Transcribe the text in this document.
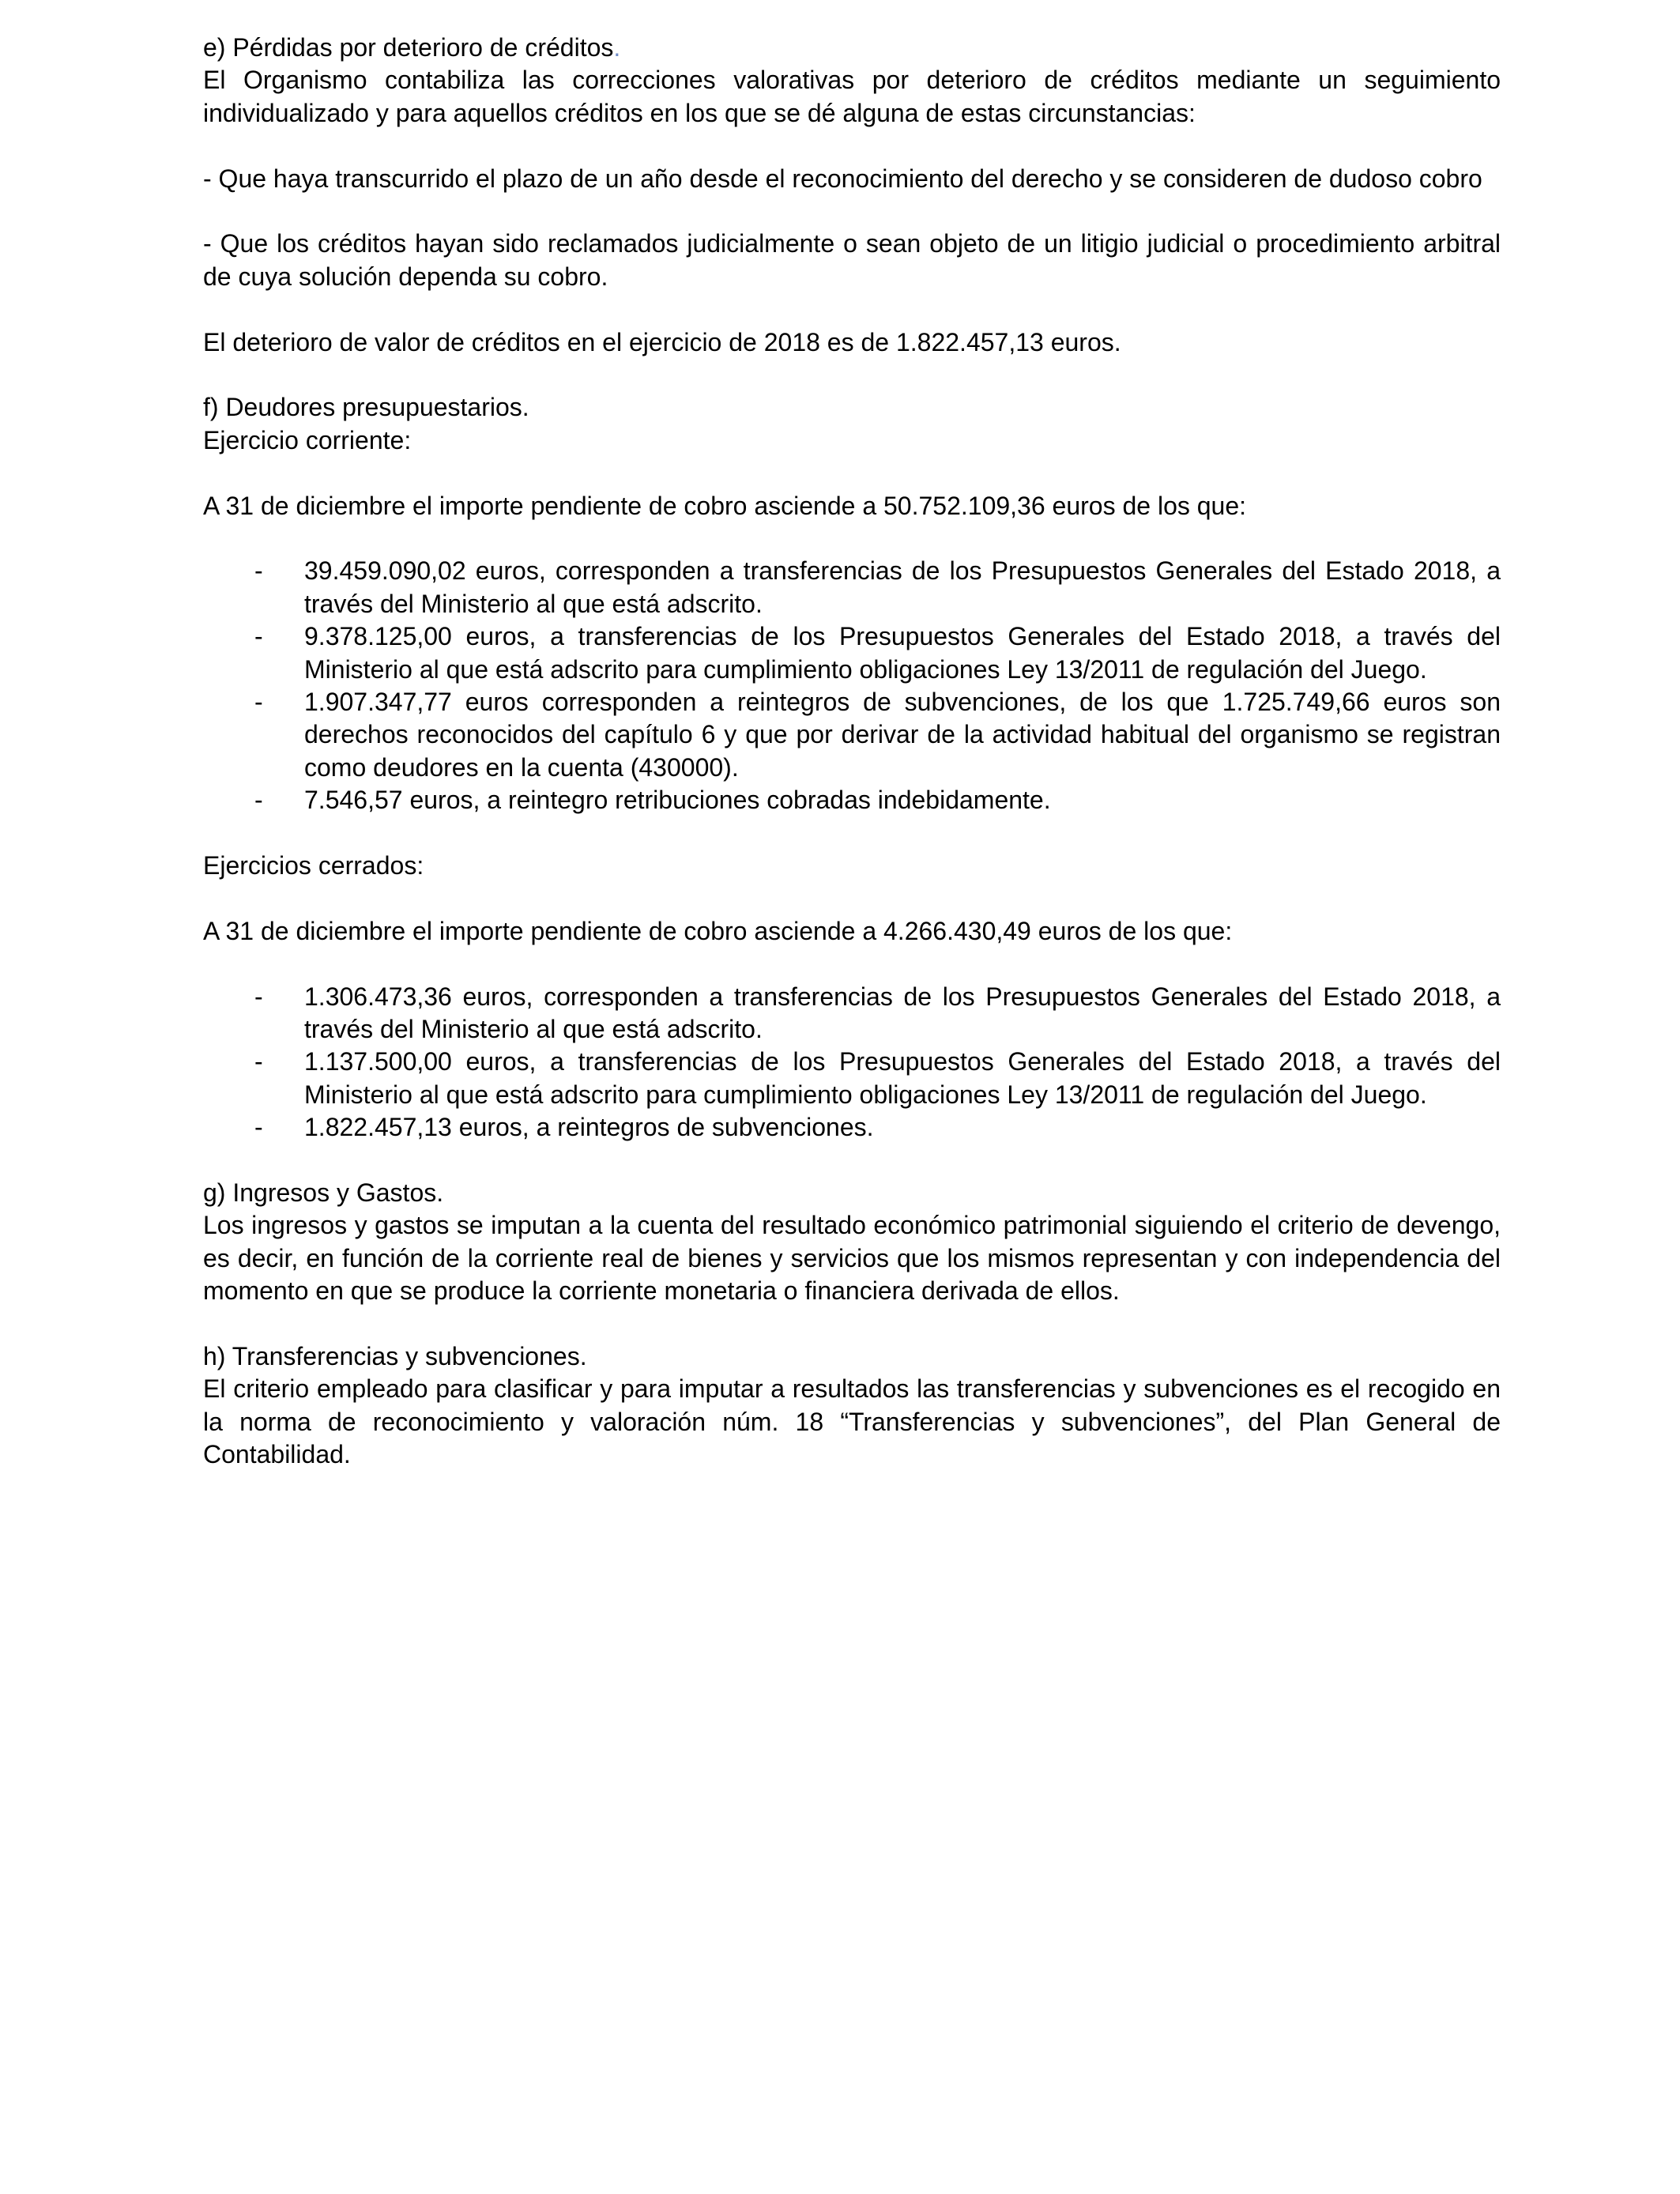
e) Pérdidas por deterioro de créditos.

El Organismo contabiliza las correcciones valorativas por deterioro de créditos mediante un seguimiento individualizado y para aquellos créditos en los que se dé alguna de estas circunstancias:

- Que haya transcurrido el plazo de un año desde el reconocimiento del derecho y se consideren de dudoso cobro

- Que los créditos hayan sido reclamados judicialmente o sean objeto de un litigio judicial o procedimiento arbitral de cuya solución dependa su cobro.

El deterioro de valor de créditos en el ejercicio de 2018 es de 1.822.457,13 euros.

f) Deudores presupuestarios.

Ejercicio corriente:

A 31 de diciembre el importe pendiente de cobro asciende a 50.752.109,36 euros de los que:

- 39.459.090,02 euros, corresponden a transferencias de los Presupuestos Generales del Estado 2018, a través del Ministerio al que está adscrito.
- 9.378.125,00 euros, a transferencias de los Presupuestos Generales del Estado 2018, a través del Ministerio al que está adscrito para cumplimiento obligaciones Ley 13/2011 de regulación del Juego.
- 1.907.347,77 euros corresponden a reintegros de subvenciones, de los que 1.725.749,66 euros son derechos reconocidos del capítulo 6 y que por derivar de la actividad habitual del organismo se registran como deudores en la cuenta (430000).
- 7.546,57 euros, a reintegro retribuciones cobradas indebidamente.

Ejercicios cerrados:

A 31 de diciembre el importe pendiente de cobro asciende a 4.266.430,49 euros de los que:

- 1.306.473,36 euros, corresponden a transferencias de los Presupuestos Generales del Estado 2018, a través del Ministerio al que está adscrito.
- 1.137.500,00 euros, a transferencias de los Presupuestos Generales del Estado 2018, a través del Ministerio al que está adscrito para cumplimiento obligaciones Ley 13/2011 de regulación del Juego.
- 1.822.457,13 euros, a reintegros de subvenciones.

g) Ingresos y Gastos.

Los ingresos y gastos se imputan a la cuenta del resultado económico patrimonial siguiendo el criterio de devengo, es decir, en función de la corriente real de bienes y servicios que los mismos representan y con independencia del momento en que se produce la corriente monetaria o financiera derivada de ellos.

h) Transferencias y subvenciones.

El criterio empleado para clasificar y para imputar a resultados las transferencias y subvenciones es el recogido en la norma de reconocimiento y valoración núm. 18 “Transferencias y subvenciones”, del Plan General de Contabilidad.
